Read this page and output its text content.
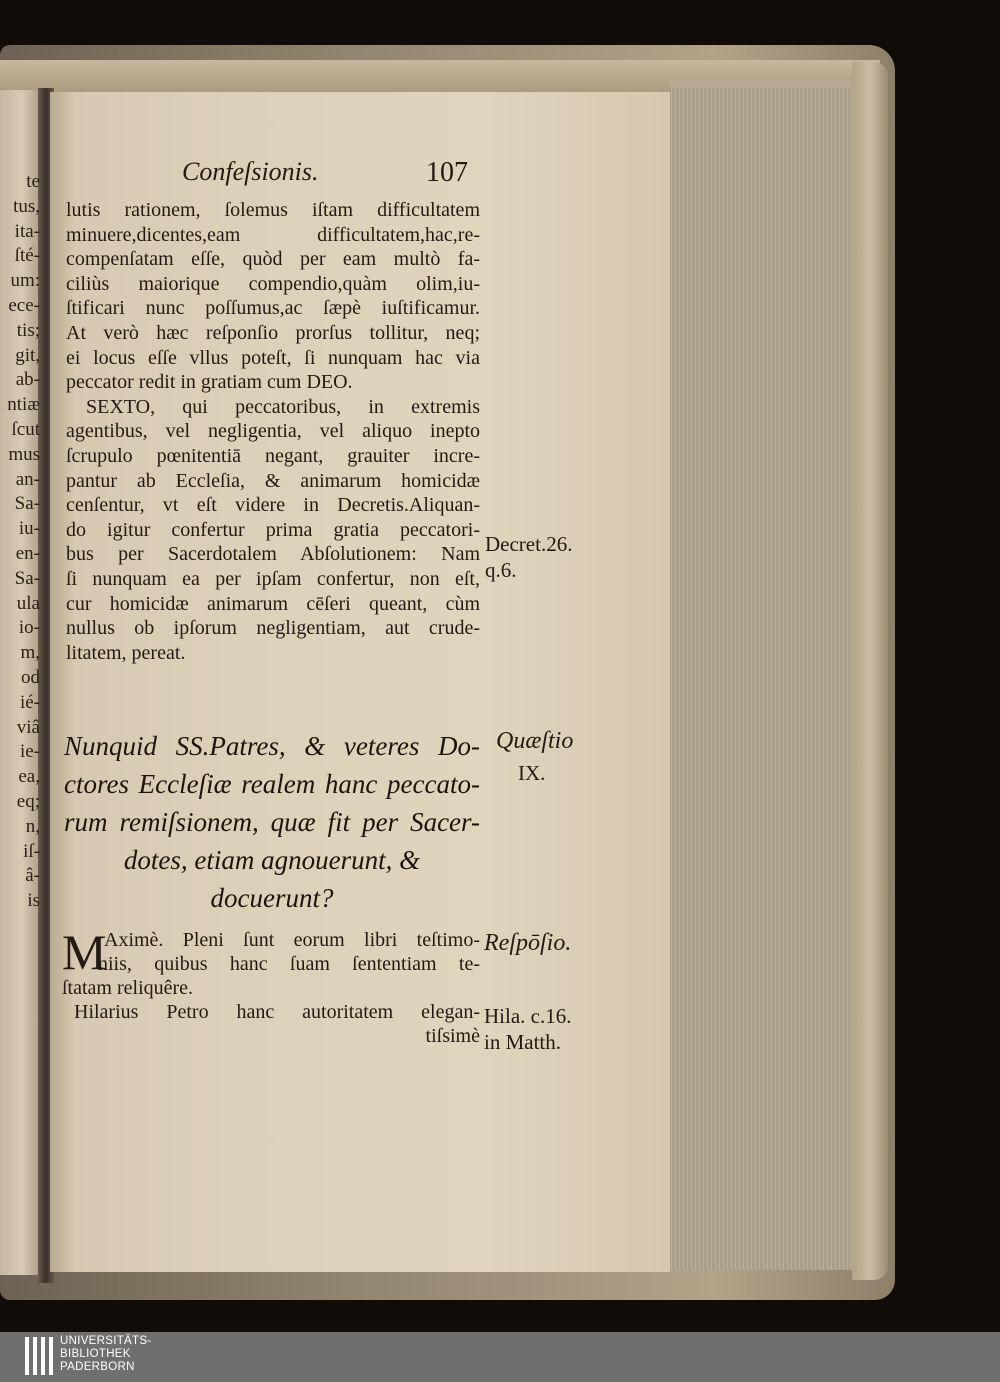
te
tus,
ita-
ſté-
um:
ece-
tis;
git,
ab-
ntiæ
ſcut
mus
an-
Sa-
iu-
en-
Sa-
ula
io-
m,
od
ié-
viâ
ie-
ea,
eq;
n,
iſ-
â-
is
Confeſsionis.	107
lutis rationem, ſolemus iſtam difficultatem
minuere,dicentes,eam difficultatem,hac,re-
compenſatam eſſe, quòd per eam multò fa-
ciliùs maiorique compendio,quàm olim,iu-
ſtificari nunc poſſumus,ac ſæpè iuſtificamur.
At verò hæc reſponſio prorſus tollitur, neq;
ei locus eſſe vllus poteſt, ſi nunquam hac via
peccator redit in gratiam cum DEO.
SEXTO, qui peccatoribus, in extremis
agentibus, vel negligentia, vel aliquo inepto
ſcrupulo pœnitentiā negant, grauiter incre-
pantur ab Eccleſia, & animarum homicidæ
cenſentur, vt eſt videre in Decretis.Aliquan-
do igitur confertur prima gratia peccatori-
bus per Sacerdotalem Abſolutionem: Nam
ſi nunquam ea per ipſam confertur, non eſt,
cur homicidæ animarum cēſeri queant, cùm
nullus ob ipſorum negligentiam, aut crude-
litatem, pereat.
Nunquid SS.Patres, & veteres Do-
ctores Eccleſiæ realem hanc peccato-
rum remiſsionem, quæ fit per Sacer-
dotes, etiam agnouerunt, &
docuerunt?
M
Aximè. Pleni ſunt eorum libri teſtimo-
niis, quibus hanc ſuam ſententiam te-
ſtatam reliquêre.
Hilarius Petro hanc autoritatem elegan-
tiſsimè
Decret.26.
q.6.
Quæſtio
IX.
Reſpōſio.
Hila. c.16.
in Matth.
UNIVERSITÄTS-
BIBLIOTHEK
PADERBORN
